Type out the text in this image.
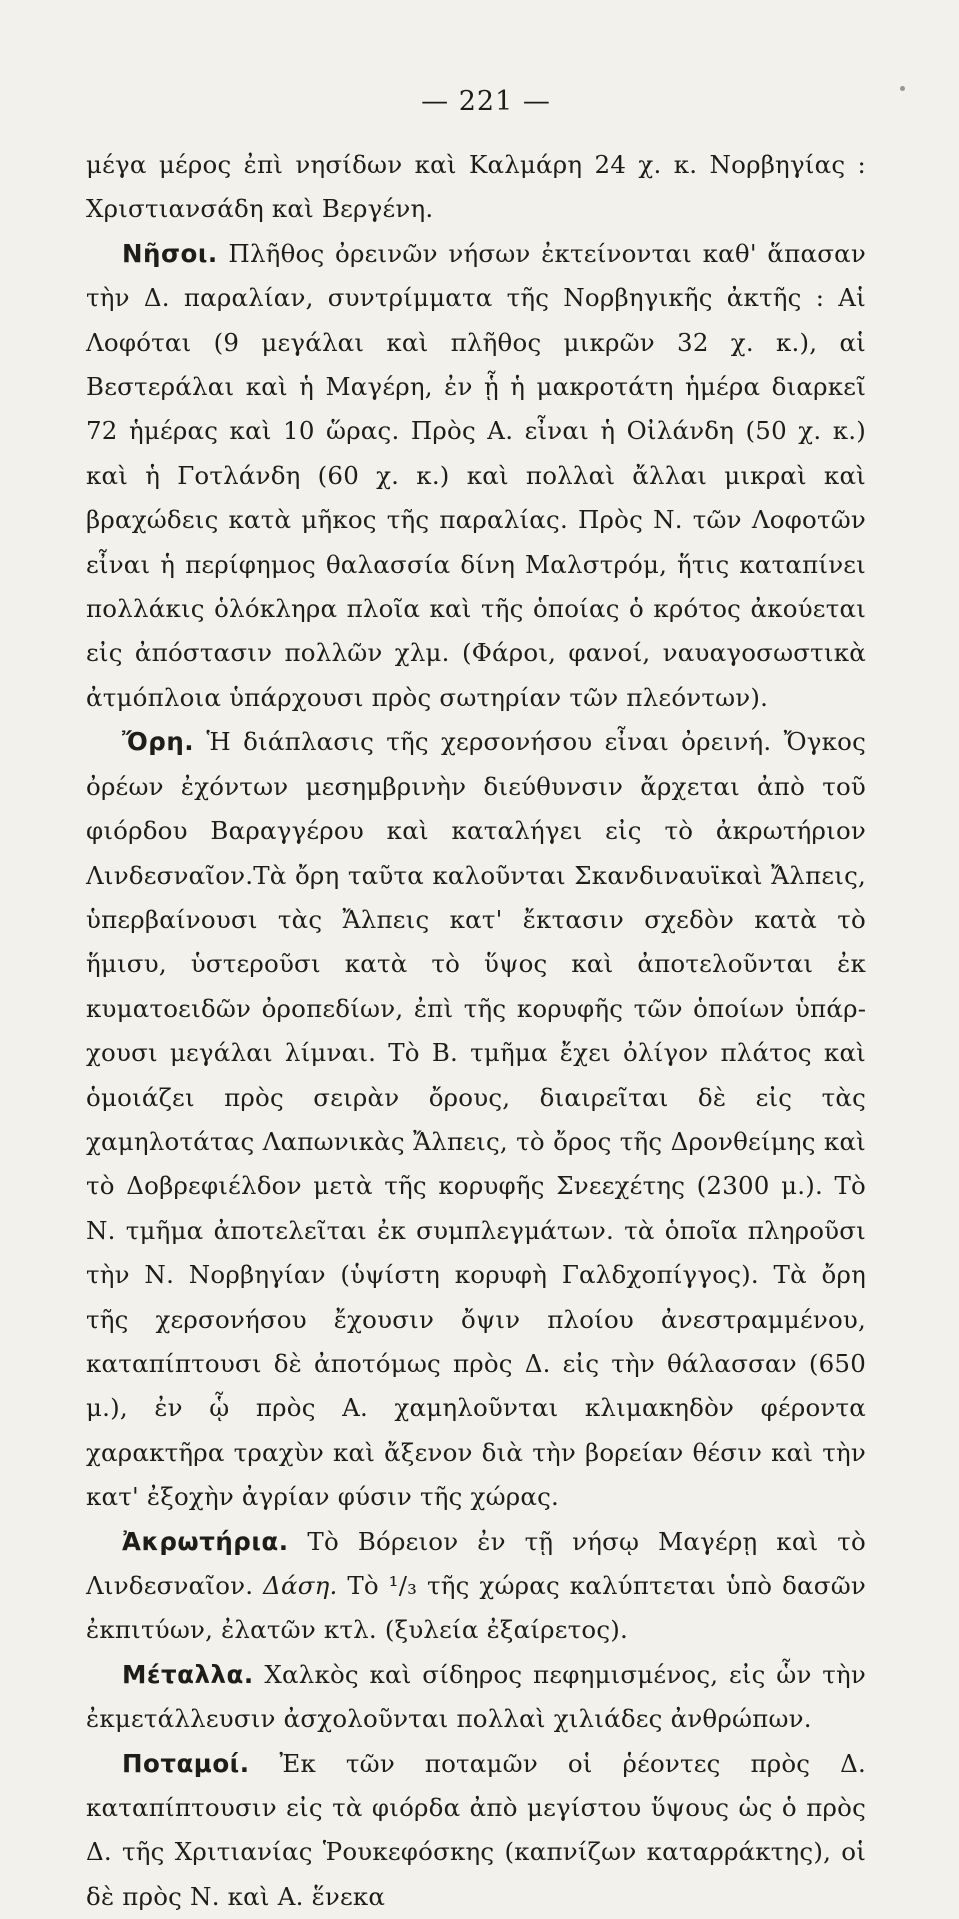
— 221 —

μέγα μέρος ἐπὶ νησίδων καὶ Καλμάρη 24 χ. κ. Νορβηγίας : Χριστιανσάδη καὶ Βεργένη.

Νῆσοι. Πλῆθος ὀρεινῶν νήσων ἐκτείνονται καθ' ἅπασαν τὴν Δ. παραλίαν, συντρίμματα τῆς Νορβηγικῆς ἀκτῆς : Αἱ Λοφόται (9 μεγάλαι καὶ πλῆθος μικρῶν 32 χ. κ.), αἱ Βεστεράλαι καὶ ἡ Μαγέρη, ἐν ᾗ ἡ μακροτάτη ἡμέρα διαρκεῖ 72 ἡμέρας καὶ 10 ὥρας. Πρὸς Α. εἶναι ἡ Οἰλάνδη (50 χ. κ.) καὶ ἡ Γοτλάνδη (60 χ. κ.) καὶ πολλαὶ ἄλλαι μικραὶ καὶ βραχώδεις κατὰ μῆκος τῆς παραλίας. Πρὸς Ν. τῶν Λοφοτῶν εἶναι ἡ περίφημος θαλασσία δίνη Μαλστρόμ, ἥτις καταπίνει πολλάκις ὁλόκληρα πλοῖα καὶ τῆς ὁποίας ὁ κρότος ἀκούεται εἰς ἀπόστασιν πολλῶν χλμ. (Φάροι, φανοί, ναυαγοσωστικὰ ἀτμόπλοια ὑπάρχουσι πρὸς σωτηρίαν τῶν πλεόντων).

Ὄρη. Ἡ διάπλασις τῆς χερσονήσου εἶναι ὀρεινή. Ὄγκος ὀρέων ἐχόντων μεσημβρινὴν διεύθυνσιν ἄρχεται ἀπὸ τοῦ φιόρδου Βαραγγέρου καὶ καταλήγει εἰς τὸ ἀκρωτήριον Λινδεσναῖον.Τὰ ὄρη ταῦτα καλοῦνται Σκανδιναυϊκαὶ Ἄλπεις, ὑπερβαίνουσι τὰς Ἄλπεις κατ' ἔκτασιν σχεδὸν κατὰ τὸ ἥμισυ, ὑστεροῦσι κατὰ τὸ ὕψος καὶ ἀποτελοῦνται ἐκ κυματοειδῶν ὀροπεδίων, ἐπὶ τῆς κορυφῆς τῶν ὁποίων ὑπάρχουσι μεγάλαι λίμναι. Τὸ Β. τμῆμα ἔχει ὀλίγον πλάτος καὶ ὁμοιάζει πρὸς σειρὰν ὄρους, διαιρεῖται δὲ εἰς τὰς χαμηλοτάτας Λαπωνικὰς Ἄλπεις, τὸ ὄρος τῆς Δρονθείμης καὶ τὸ Δοβρεφιέλδον μετὰ τῆς κορυφῆς Σνεεχέτης (2300 μ.). Τὸ Ν. τμῆμα ἀποτελεῖται ἐκ συμπλεγμάτων. τὰ ὁποῖα πληροῦσι τὴν Ν. Νορβηγίαν (ὑψίστη κορυφὴ Γαλδχοπίγγος). Τὰ ὄρη τῆς χερσονήσου ἔχουσιν ὄψιν πλοίου ἀνεστραμμένου, καταπίπτουσι δὲ ἀποτόμως πρὸς Δ. εἰς τὴν θάλασσαν (650 μ.), ἐν ᾧ πρὸς Α. χαμηλοῦνται κλιμακηδὸν φέροντα χαρακτῆρα τραχὺν καὶ ἄξενον διὰ τὴν βορείαν θέσιν καὶ τὴν κατ' ἐξοχὴν ἀγρίαν φύσιν τῆς χώρας.

Ἀκρωτήρια. Τὸ Βόρειον ἐν τῇ νήσῳ Μαγέρῃ καὶ τὸ Λινδεσναῖον. Δάση. Τὸ ¹/₃ τῆς χώρας καλύπτεται ὑπὸ δασῶν ἐκπιτύων, ἐλατῶν κτλ. (ξυλεία ἐξαίρετος).

Μέταλλα. Χαλκὸς καὶ σίδηρος πεφημισμένος, εἰς ὧν τὴν ἐκμετάλλευσιν ἀσχολοῦνται πολλαὶ χιλιάδες ἀνθρώπων.

Ποταμοί. Ἐκ τῶν ποταμῶν οἱ ῥέοντες πρὸς Δ. καταπίπτουσιν εἰς τὰ φιόρδα ἀπὸ μεγίστου ὕψους ὡς ὁ πρὸς Δ. τῆς Χριτιανίας Ῥουκεφόσκης (καπνίζων καταρράκτης), οἱ δὲ πρὸς Ν. καὶ Α. ἕνεκα
